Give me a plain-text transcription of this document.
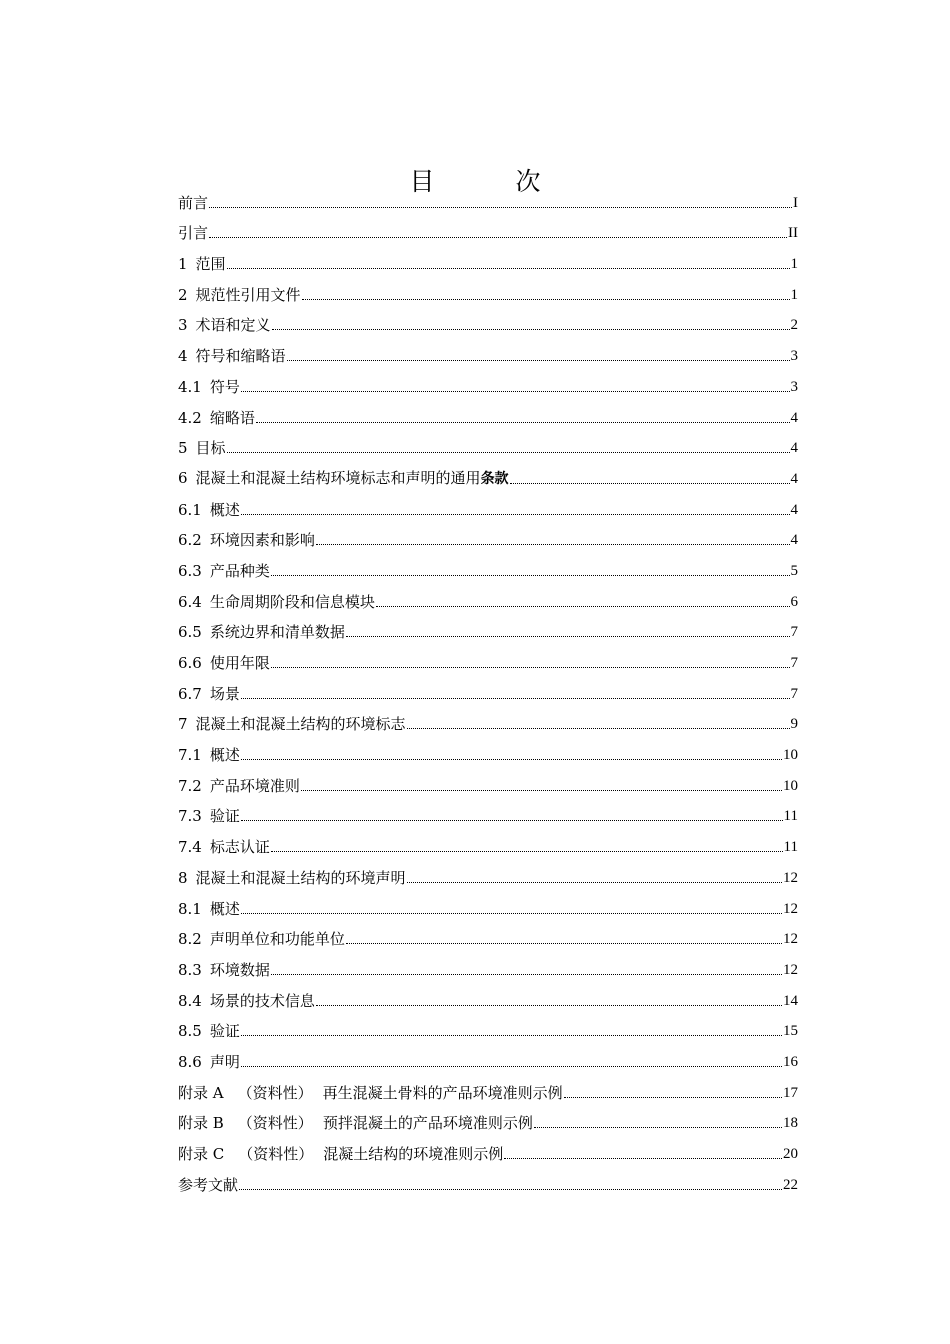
目　次
前言	I
引言	II
1 范围	1
2 规范性引用文件	1
3 术语和定义	2
4 符号和缩略语	3
4.1 符号	3
4.2 缩略语	4
5 目标	4
6 混凝土和混凝土结构环境标志和声明的通用条款	4
6.1 概述	4
6.2 环境因素和影响	4
6.3 产品种类	5
6.4 生命周期阶段和信息模块	6
6.5 系统边界和清单数据	7
6.6 使用年限	7
6.7 场景	7
7 混凝土和混凝土结构的环境标志	9
7.1 概述	10
7.2 产品环境准则	10
7.3 验证	11
7.4 标志认证	11
8 混凝土和混凝土结构的环境声明	12
8.1 概述	12
8.2 声明单位和功能单位	12
8.3 环境数据	12
8.4 场景的技术信息	14
8.5 验证	15
8.6 声明	16
附录 A （资料性） 再生混凝土骨料的产品环境准则示例	17
附录 B （资料性） 预拌混凝土的产品环境准则示例	18
附录 C （资料性） 混凝土结构的环境准则示例	20
参考文献	22
